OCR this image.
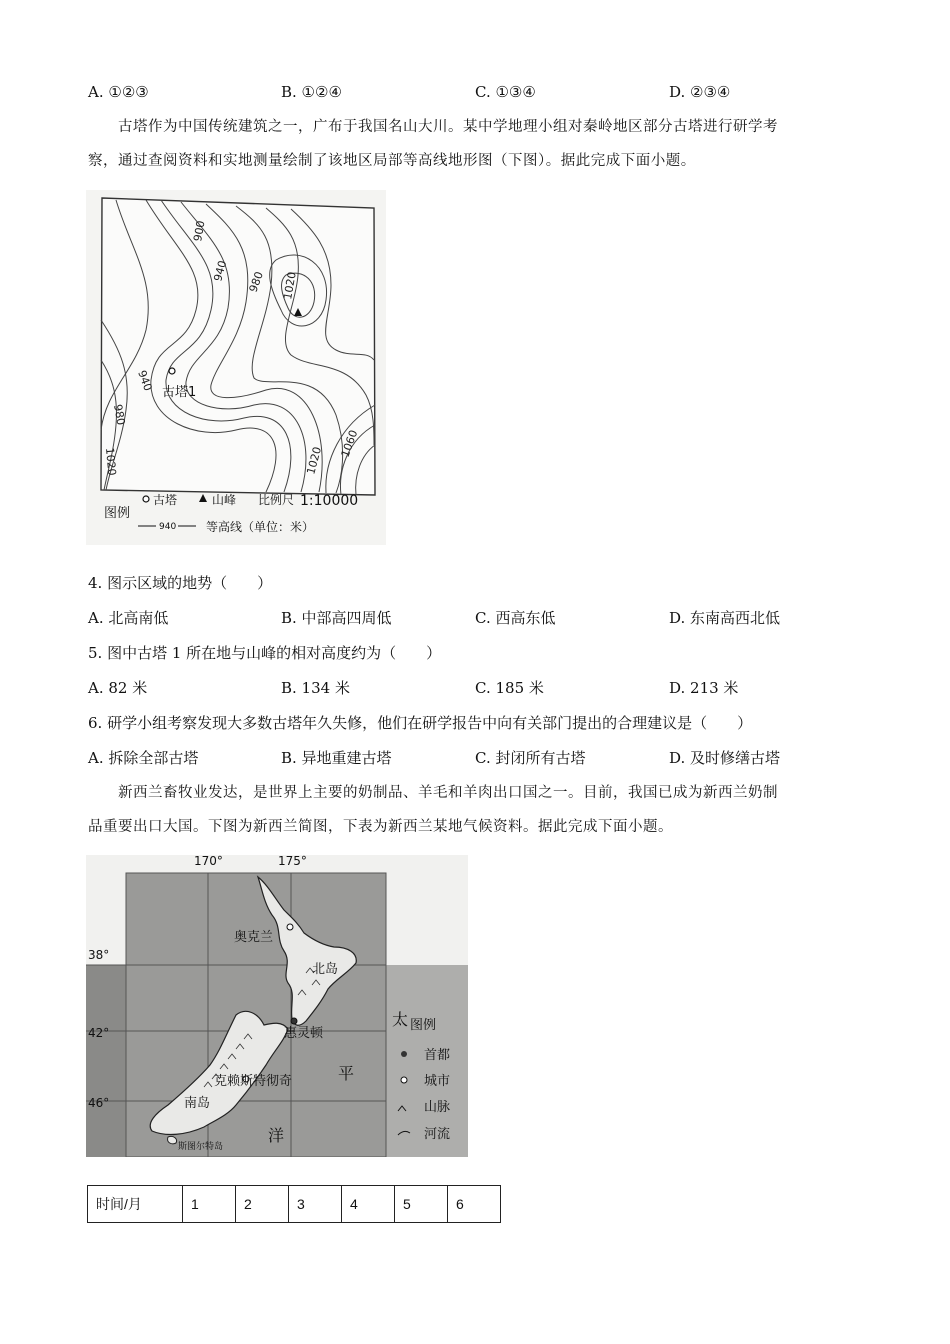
A. ①②③	B. ①②④	C. ①③④	D. ②③④
古塔作为中国传统建筑之一，广布于我国名山大川。某中学地理小组对秦岭地区部分古塔进行研学考
察，通过查阅资料和实地测量绘制了该地区局部等高线地形图（下图）。据此完成下面小题。
900
940 980 1020
980
940
1020	1020
1060
古塔1
图例
古塔	山峰 比例尺 1:10000
940 等高线（单位：米）
4. 图示区域的地势（　　）
A. 北高南低	B. 中部高四周低	C. 西高东低	D. 东南高西北低
5. 图中古塔 1 所在地与山峰的相对高度约为（　　）
A. 82 米	B. 134 米	C. 185 米	D. 213 米
6. 研学小组考察发现大多数古塔年久失修，他们在研学报告中向有关部门提出的合理建议是（　　）
A. 拆除全部古塔	B. 异地重建古塔	C. 封闭所有古塔	D. 及时修缮古塔
新西兰畜牧业发达，是世界上主要的奶制品、羊毛和羊肉出口国之一。目前，我国已成为新西兰奶制
品重要出口大国。下图为新西兰简图，下表为新西兰某地气候资料。据此完成下面小题。
170°	175°
38°
42°
46°
奥克兰
北岛
惠灵顿
克赖斯特彻奇
南岛
斯图尔特岛
太
平
洋
图例
首都
城市
山脉
河流
时间/月	1	2	3	4	5	6
